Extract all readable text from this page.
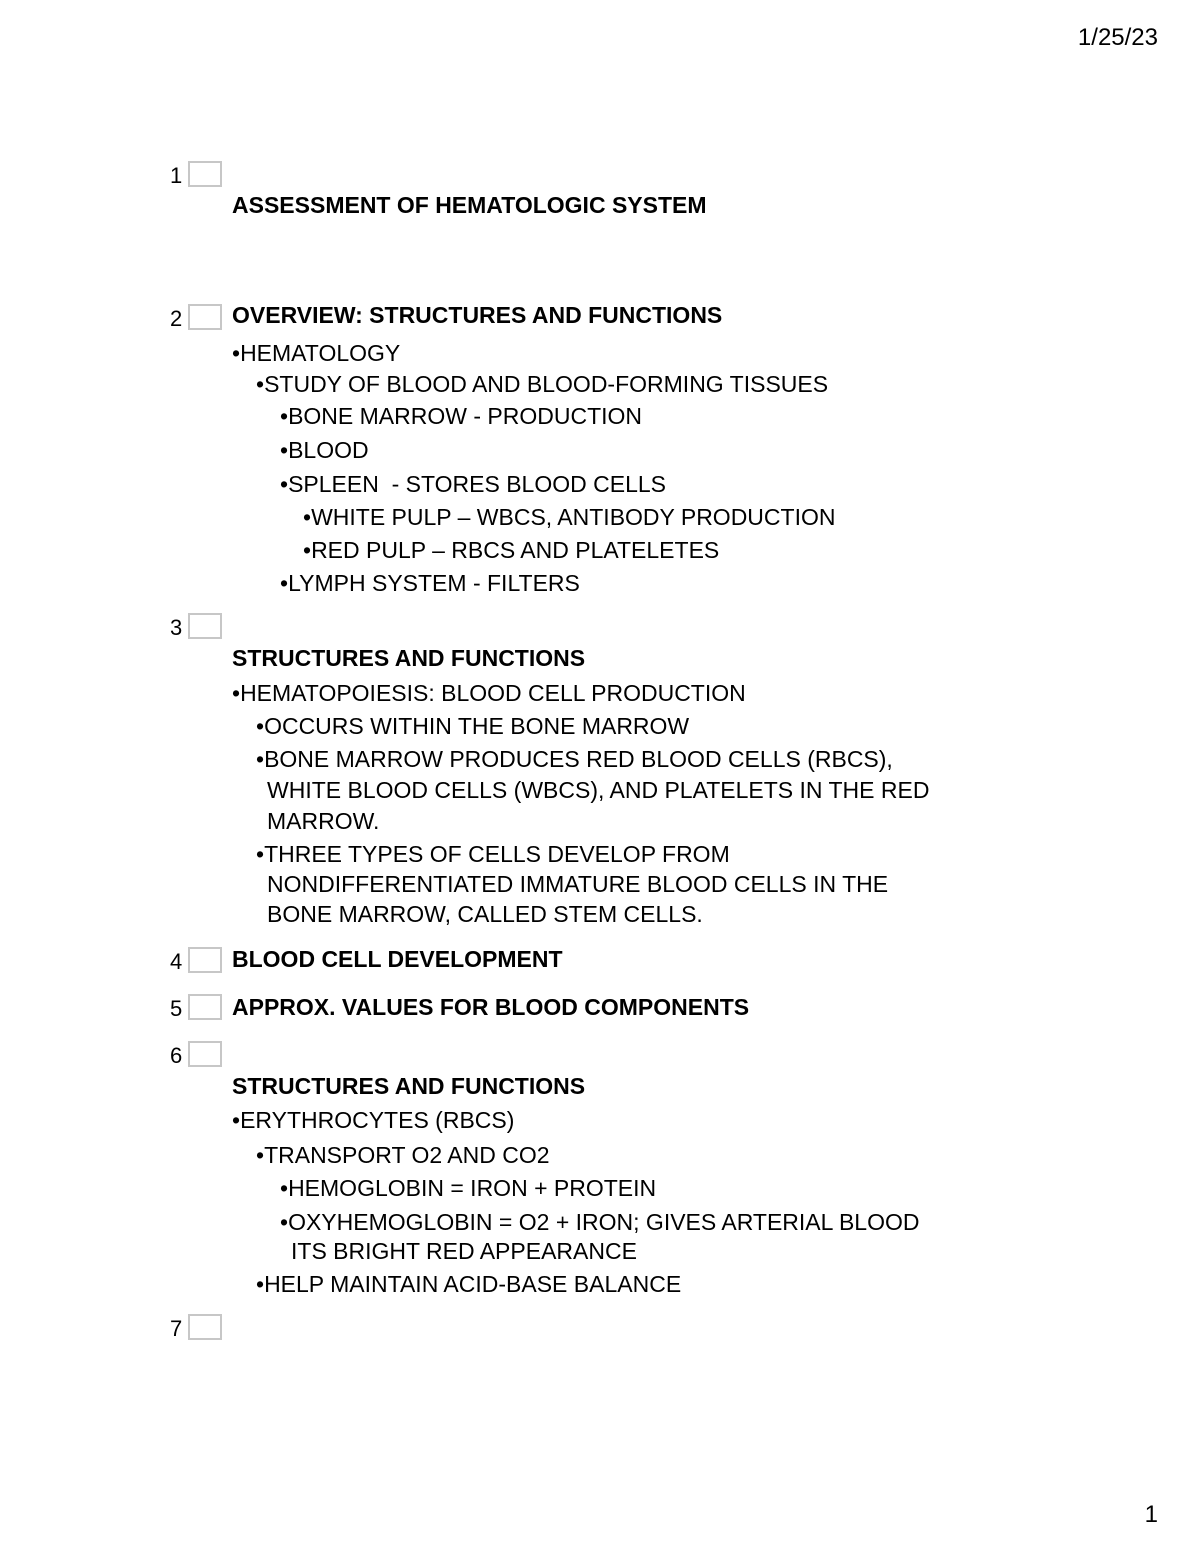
1/25/23
1
ASSESSMENT OF HEMATOLOGIC SYSTEM
2 OVERVIEW: STRUCTURES AND FUNCTIONS
•HEMATOLOGY
•STUDY OF BLOOD AND BLOOD-FORMING TISSUES
•BONE MARROW - PRODUCTION
•BLOOD
•SPLEEN  - STORES BLOOD CELLS
•WHITE PULP – WBCS, ANTIBODY PRODUCTION
•RED PULP – RBCS AND PLATELETES
•LYMPH SYSTEM - FILTERS
3
STRUCTURES AND FUNCTIONS
•HEMATOPOIESIS: BLOOD CELL PRODUCTION
•OCCURS WITHIN THE BONE MARROW
•BONE MARROW PRODUCES RED BLOOD CELLS (RBCS),
WHITE BLOOD CELLS (WBCS), AND PLATELETS IN THE RED
MARROW.
•THREE TYPES OF CELLS DEVELOP FROM
NONDIFFERENTIATED IMMATURE BLOOD CELLS IN THE
BONE MARROW, CALLED STEM CELLS.
4 BLOOD CELL DEVELOPMENT
5 APPROX. VALUES FOR BLOOD COMPONENTS
6
STRUCTURES AND FUNCTIONS
•ERYTHROCYTES (RBCS)
•TRANSPORT O2 AND CO2
•HEMOGLOBIN = IRON + PROTEIN
•OXYHEMOGLOBIN = O2 + IRON; GIVES ARTERIAL BLOOD
ITS BRIGHT RED APPEARANCE
•HELP MAINTAIN ACID-BASE BALANCE
7
1
